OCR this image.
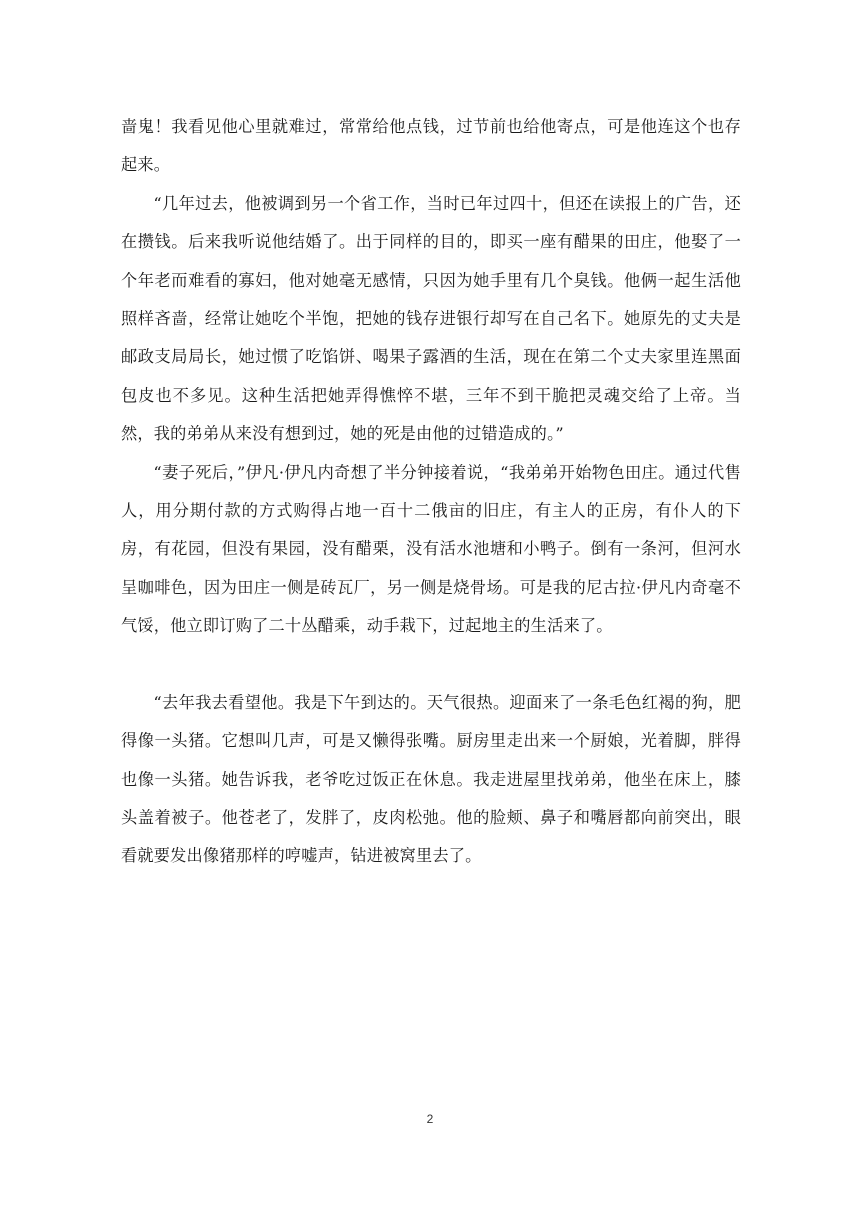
啬鬼！我看见他心里就难过，常常给他点钱，过节前也给他寄点，可是他连这个也存起来。

“几年过去，他被调到另一个省工作，当时已年过四十，但还在读报上的广告，还在攒钱。后来我听说他结婚了。出于同样的目的，即买一座有醋果的田庄，他娶了一个年老而难看的寡妇，他对她毫无感情，只因为她手里有几个臭钱。他俩一起生活他照样吝啬，经常让她吃个半饱，把她的钱存进银行却写在自己名下。她原先的丈夫是邮政支局局长，她过惯了吃馅饼、喝果子露酒的生活，现在在第二个丈夫家里连黑面包皮也不多见。这种生活把她弄得憔悴不堪，三年不到干脆把灵魂交给了上帝。当然，我的弟弟从来没有想到过，她的死是由他的过错造成的。”

“妻子死后，”伊凡·伊凡内奇想了半分钟接着说，“我弟弟开始物色田庄。通过代售人，用分期付款的方式购得占地一百十二俄亩的旧庄，有主人的正房，有仆人的下房，有花园，但没有果园，没有醋栗，没有活水池塘和小鸭子。倒有一条河，但河水呈咖啡色，因为田庄一侧是砖瓦厂，另一侧是烧骨场。可是我的尼古拉·伊凡内奇毫不气馁，他立即订购了二十丛醋乘，动手栽下，过起地主的生活来了。

“去年我去看望他。我是下午到达的。天气很热。迎面来了一条毛色红褐的狗，肥得像一头猪。它想叫几声，可是又懒得张嘴。厨房里走出来一个厨娘，光着脚，胖得也像一头猪。她告诉我，老爷吃过饭正在休息。我走进屋里找弟弟，他坐在床上，膝头盖着被子。他苍老了，发胖了，皮肉松弛。他的脸颊、鼻子和嘴唇都向前突出，眼看就要发出像猪那样的哼嘘声，钻进被窝里去了。

2
